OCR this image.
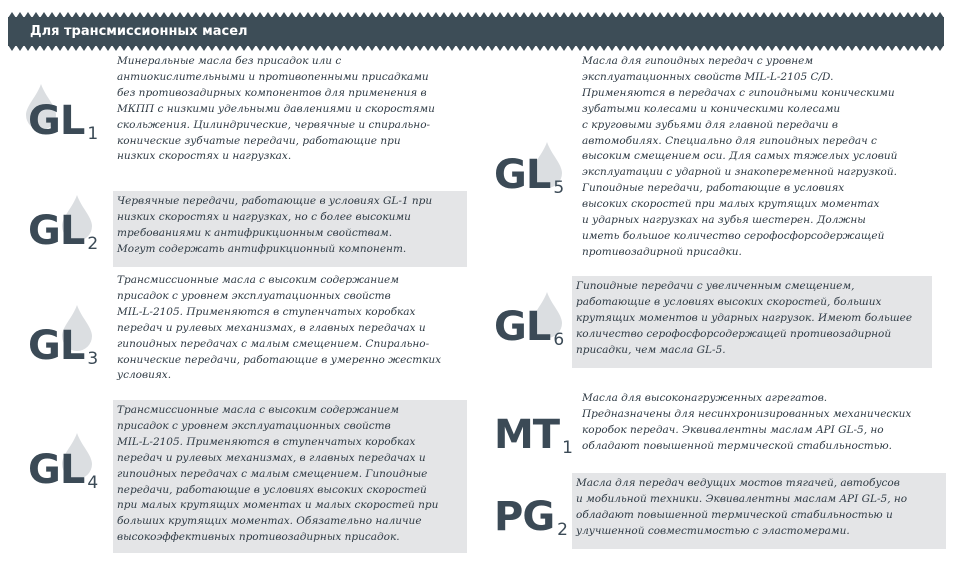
Для трансмиссионных масел
GL 1
Минеральные масла без присадок или с
антиокислительными и противопенными присадками
без противозадирных компонентов для применения в
МКПП с низкими удельными давлениями и скоростями
скольжения. Цилиндрические, червячные и спирально-
конические зубчатые передачи, работающие при
низких скоростях и нагрузках.
GL 2
Червячные передачи, работающие в условиях GL-1 при
низких скоростях и нагрузках, но с более высокими
требованиями к антифрикционным свойствам.
Могут содержать антифрикционный компонент.
GL 3
Трансмиссионные масла с высоким содержанием
присадок с уровнем эксплуатационных свойств
MIL-L-2105. Применяются в ступенчатых коробках
передач и рулевых механизмах, в главных передачах и
гипоидных передачах с малым смещением. Спирально-
конические передачи, работающие в умеренно жестких
условиях.
GL 4
Трансмиссионные масла с высоким содержанием
присадок с уровнем эксплуатационных свойств
MIL-L-2105. Применяются в ступенчатых коробках
передач и рулевых механизмах, в главных передачах и
гипоидных передачах с малым смещением. Гипоидные
передачи, работающие в условиях высоких скоростей
при малых крутящих моментах и малых скоростей при
больших крутящих моментах. Обязательно наличие
высокоэффективных противозадирных присадок.
GL 5
Масла для гипоидных передач с уровнем
эксплуатационных свойств MIL-L-2105 C/D.
Применяются в передачах с гипоидными коническими
зубатыми колесами и коническими колесами
с круговыми зубьями для главной передачи в
автомобилях. Специально для гипоидных передач с
высоким смещением оси. Для самых тяжелых условий
эксплуатации с ударной и знакопеременной нагрузкой.
Гипоидные передачи, работающие в условиях
высоких скоростей при малых крутящих моментах
и ударных нагрузках на зубья шестерен. Должны
иметь большое количество серофосфорсодержащей
противозадирной присадки.
GL 6
Гипоидные передачи с увеличенным смещением,
работающие в условиях высоких скоростей, больших
крутящих моментов и ударных нагрузок. Имеют большее
количество серофосфорсодержащей противозадирной
присадки, чем масла GL-5.
MT 1
Масла для высоконагруженных агрегатов.
Предназначены для несинхронизированных механических
коробок передач. Эквивалентны маслам API GL-5, но
обладают повышенной термической стабильностью.
PG 2
Масла для передач ведущих мостов тягачей, автобусов
и мобильной техники. Эквивалентны маслам API GL-5, но
обладают повышенной термической стабильностью и
улучшенной совместимостью с эластомерами.
